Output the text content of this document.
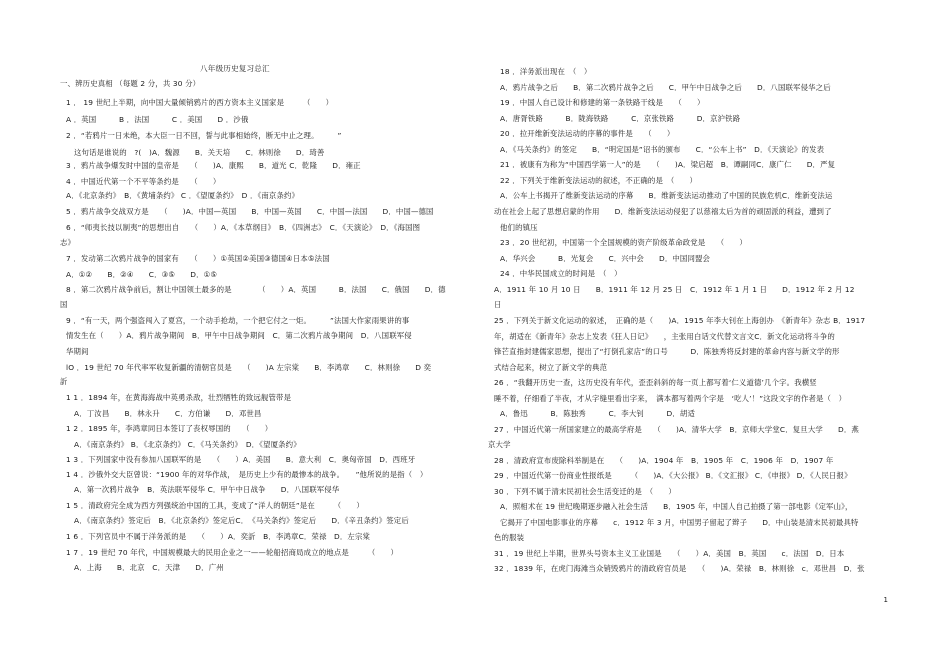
八年级历史复习总汇
一、辨历史真相 （每题 2 分，共 30 分）
1 ． 19 世纪上半期，向中国大量倾销鸦片的西方资本主义国家是　　　（　　）
A ．英国　　　B ．法国　　　C ．美国　　D ．沙俄
2 ．“若鸦片一日未绝，本大臣一日不回，誓与此事相始终，断无中止之理。　　　”
这句话是谁说的　?(　)A．魏源　　B．关天培　　C．林则徐　　D．琦善
3 ．鸦片战争爆发时中国的皇帝是　　（　　)A．康熙　　B．道光 C．乾隆　　D．雍正
4 ．中国近代第一个不平等条约是　　（　　）
A．《北京条约》　B．《黄埔条约》 C ．《望厦条约》　D ．《南京条约》
5 ．鸦片战争交战双方是　　（　　)A．中国—英国　　B．中国—英国　　C．中国—法国　　D．中国—德国
6 ．“师夷长技以制夷”的思想出自　　（　　）A．《本草纲目》　B．《四洲志》　C．《天演论》　D．《海国图
志》
7 ．发动第二次鸦片战争的国家有　　（　　）①英国②美国③德国④日本⑤法国
A．①②　　B．②④　　C．③⑤　　D．①⑤
8 ．第二次鸦片战争前后，割让中国领土最多的是　　　　（　　）A．英国　　　B．法国　　C．俄国　　D．德
国
9 ．“有一天，两个强盗闯入了夏宫，一个动手抢劫，一个把它付之一炬。　　　”法国大作家雨果讲的事
情发生在（　　）A．鸦片战争期间　B．甲午中日战争期间　C．第二次鸦片战争期间　D．八国联军侵
华期间
lO ．19 世纪 70 年代率军收复新疆的清朝官员是　　（　　)A 左宗棠　　B．李鸿章　　C．林则徐　　D 奕
訢
1 1 ．1894 年，在黄海海战中英勇杀敌，壮烈牺牲的致远舰管带是
A．丁汝昌　　B．林永升　　C．方伯谦　　D．邓世昌
1 2 ．1895 年，李鸿章同日本签订了丧权辱国的　　（　　）
A．《南京条约》 B．《北京条约》 C．《马关条约》　D．《望厦条约》
1 3 ．下列国家中没有参加八国联军的是　　（　　）A．美国　　B．意大利　C．奥匈帝国　D．西班牙
1 4 ．沙俄外交大臣曾说：“1900 年的对华作战，　是历史上少有的最惨本的战争。　　”他所说的是指（　）
A．第一次鸦片战争　B．英法联军侵华 C．甲午中日战争　　D．八国联军侵华
1 5 ．清政府完全成为西方列强统治中国的工具，变成了“洋人的朝廷”是在　　　（　　）
A．《南京条约》签定后　B．《北京条约》签定后C．　《马关条约》签定后　　D．《辛丑条约》签定后
1 6 ．下列官员中不属于洋务派的是　　（　　）A．奕訢　B．李鸿章C．荣禄　D．左宗棠
1 7 ．19 世纪 70 年代，中国规模最大的民用企业之一——轮船招商局成立的地点是　　　（　　）
A．上海　　B．北京　C．天津　　D．广州
18 ．洋务派出现在　（　）
A．鸦片战争之后　　B．第二次鸦片战争之后　　C．甲午中日战争之后　　D．八国联军侵华之后
19 ．中国人自己设计和修建的第一条铁路干线是　　（　　）
A．唐胥铁路　　　B．陇海铁路　　　C．京张铁路　　　D．京沪铁路
20 ．拉开维新变法运动的序幕的事件是　　（　　）
A．《马关条约》的签定　　B．“明定国是”诏书的颁布　　C．“公车上书”　D．《天演论》的发表
21 ．被康有为称为“中国西学第一人”的是　　（　　)A．梁启超　B．谭嗣同C．康广仁　　D．严复
22 ．下列关于维新变法运动的叙述，不正确的是　（　　）
A．公车上书揭开了维新变法运动的序幕　　B．维新变法运动推动了中国的民族危机C．维新变法运
动在社会上起了思想启蒙的作用　　D．维新变法运动侵犯了以慈禧太后为首的顽固派的利益，遭到了
他们的镇压
23 ．20 世纪初，中国第一个全国规模的资产阶级革命政党是　　（　　）
A．华兴会　　　B．光复会　　C．兴中会　　D．中国同盟会
24 ．中华民国成立的时间是　（　）
A．1911 年 10 月 10 日　　B．1911 年 12 月 25 日　C．1912 年 1 月 1 日　　D．1912 年 2 月 12
日
25 ．下列关于新文化运动的叙述，　正确的是（　　)A．1915 年李大钊在上海创办　《新青年》杂志 B．1917
年，胡适在《新青年》杂志上发表《狂人日记》　　，主张用白话文代替文言文C．新文化运动将斗争的
锋芒直指封建儒家思想，提出了“打倒孔家店”的口号　　　D．陈独秀将反封建的革命内容与新文学的形
式结合起来，树立了新文学的典范
26 ．“我翻开历史一查，这历史没有年代，歪歪斜斜的每一页上都写着‘仁义道德’几个字。我横竖
睡不着，仔细看了半夜，才从字缝里看出字来，　满本都写着两个字是　‘吃人’！”这段文字的作者是（　）
A．鲁迅　　　B．陈独秀　　　C．李大钊　　　D．胡适
27 ．中国近代第一所国家建立的最高学府是　　（　　)A．清华大学　B．京师大学堂C．复旦大学　　D．燕
京大学
28 ．清政府宣布废除科举制是在　　（　　)A．1904 年　B．1905 年　C．1906 年　D．1907 年
29 ．中国近代第一份商业性报纸是　　　（　　)A．《大公报》 B．《文汇报》 C．《申报》 D．《人民日报》
30 ．下列不属于清末民初社会生活变迁的是　（　　）
A．照相术在 19 世纪晚期逐步融入社会生活　　B．1905 年，中国人自己拍摄了第一部电影《定军山》，
它揭开了中国电影事业的序幕　　c．1912 年 3 月，中国男子留起了辫子　　D．中山装是清末民初最具特
色的服装
31 ．19 世纪上半期，世界头号资本主义工业国是　　（　　）A．美国　B．英国　　c．法国　D．日本
32 ．1839 年，在虎门海滩当众销毁鸦片的清政府官员是　　（　　)A．荣禄　B．林则徐　c．邓世昌　D．张
1
